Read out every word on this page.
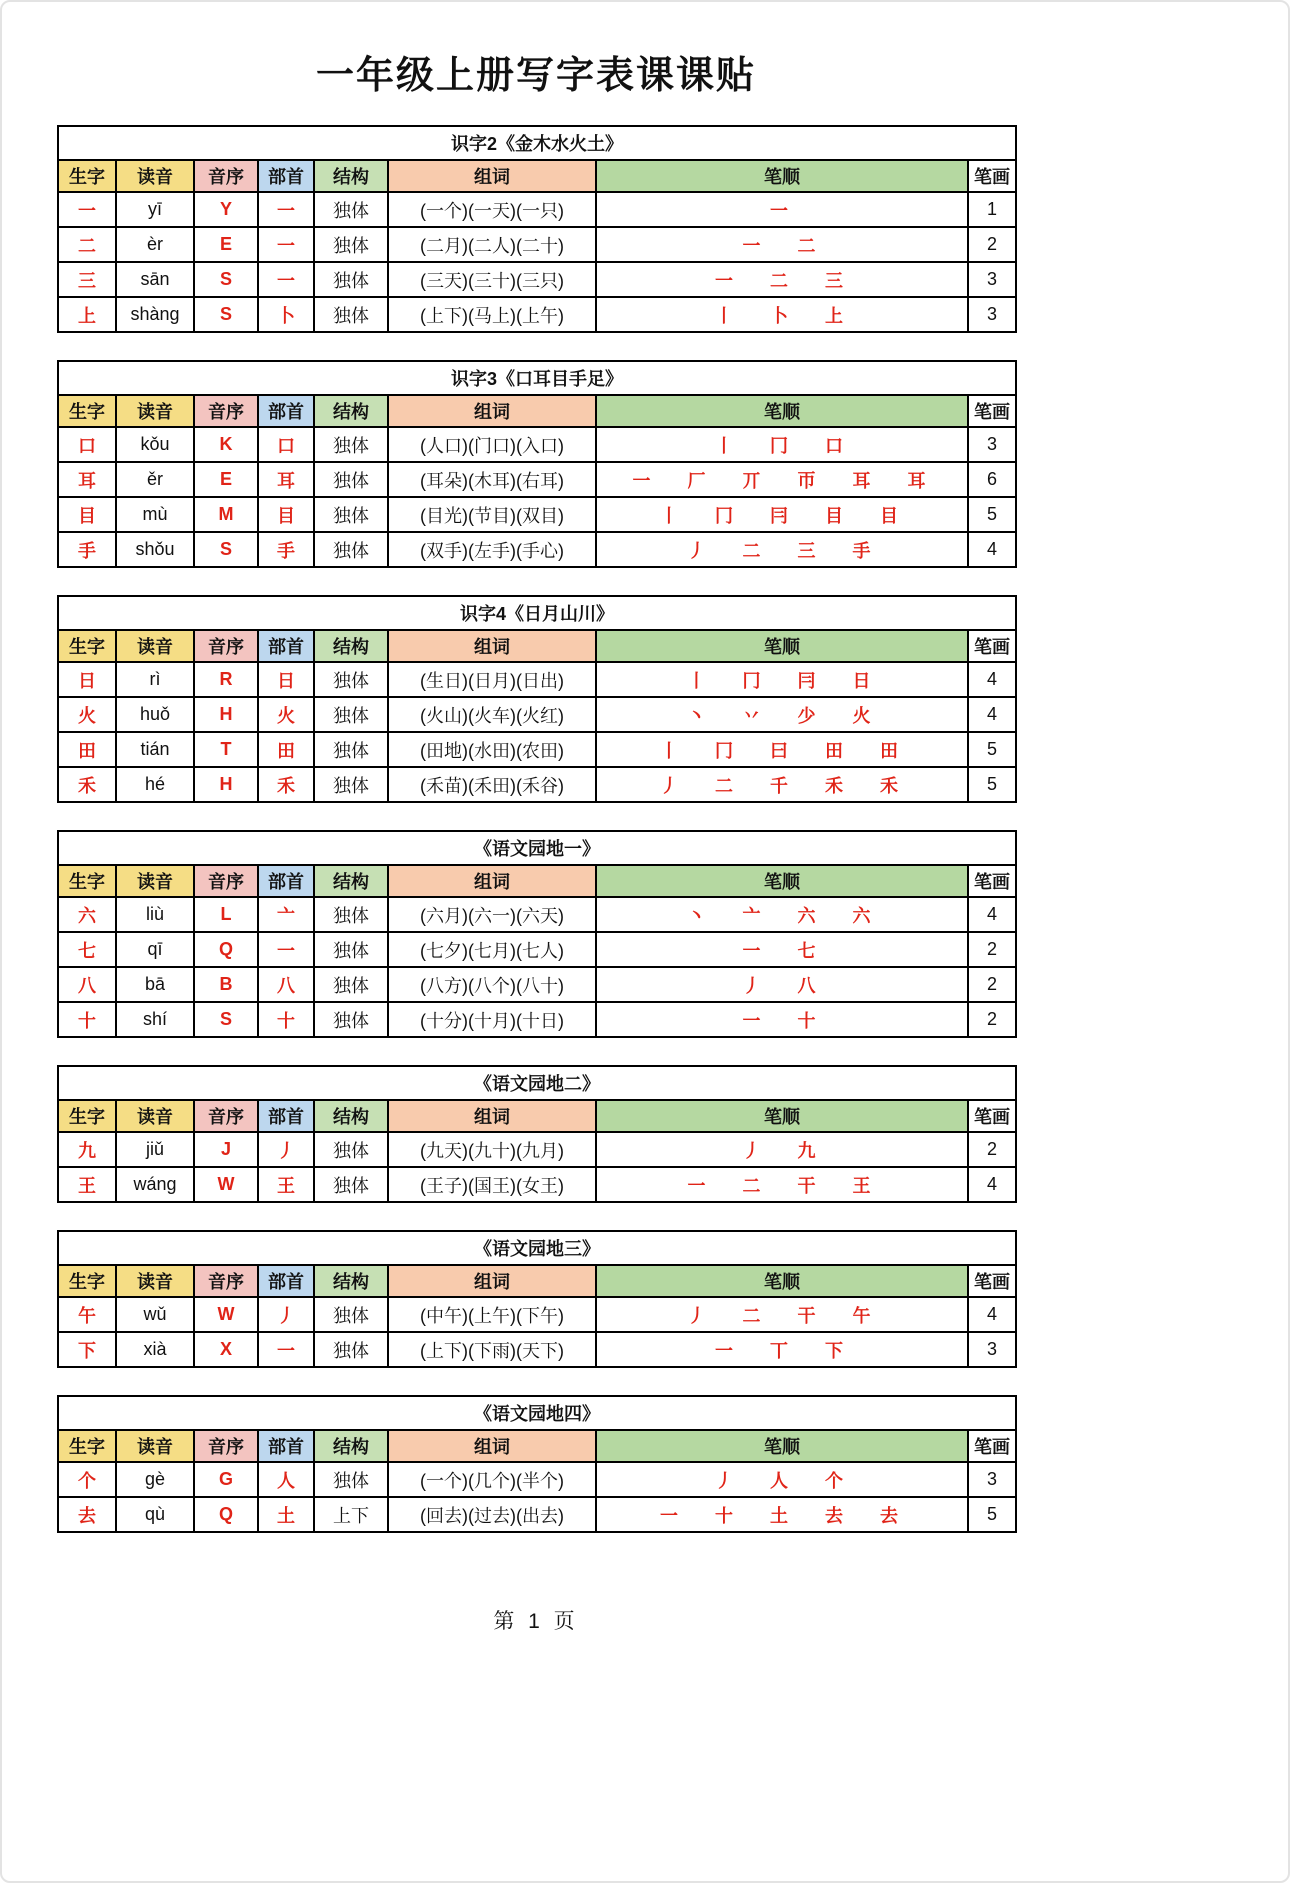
一年级上册写字表课课贴
识字2《金木水火土》							
生字	读音	音序	部首	结构	组词	笔顺	笔画
一	yī	Y	一	独体	(一个)(一天)(一只)	一	1
二	èr	E	一	独体	(二月)(二人)(二十)	一 二	2
三	sān	S	一	独体	(三天)(三十)(三只)	一 二 三	3
上	shàng	S	卜	独体	(上下)(马上)(上午)	丨 卜 上	3
识字3《口耳目手足》							
生字	读音	音序	部首	结构	组词	笔顺	笔画
口	kǒu	K	口	独体	(人口)(门口)(入口)	丨 冂 口	3
耳	ěr	E	耳	独体	(耳朵)(木耳)(右耳)	一 厂 丌 帀 耳 耳	6
目	mù	M	目	独体	(目光)(节目)(双目)	丨 冂 冃 目 目	5
手	shǒu	S	手	独体	(双手)(左手)(手心)	丿 二 三 手	4
识字4《日月山川》							
生字	读音	音序	部首	结构	组词	笔顺	笔画
日	rì	R	日	独体	(生日)(日月)(日出)	丨 冂 冃 日	4
火	huǒ	H	火	独体	(火山)(火车)(火红)	丶 丷 少 火	4
田	tián	T	田	独体	(田地)(水田)(农田)	丨 冂 曰 田 田	5
禾	hé	H	禾	独体	(禾苗)(禾田)(禾谷)	丿 二 千 禾 禾	5
《语文园地一》							
生字	读音	音序	部首	结构	组词	笔顺	笔画
六	liù	L	亠	独体	(六月)(六一)(六天)	丶 亠 六 六	4
七	qī	Q	一	独体	(七夕)(七月)(七人)	一 七	2
八	bā	B	八	独体	(八方)(八个)(八十)	丿 八	2
十	shí	S	十	独体	(十分)(十月)(十日)	一 十	2
《语文园地二》							
生字	读音	音序	部首	结构	组词	笔顺	笔画
九	jiǔ	J	丿	独体	(九天)(九十)(九月)	丿 九	2
王	wáng	W	王	独体	(王子)(国王)(女王)	一 二 干 王	4
《语文园地三》							
生字	读音	音序	部首	结构	组词	笔顺	笔画
午	wǔ	W	丿	独体	(中午)(上午)(下午)	丿 二 干 午	4
下	xià	X	一	独体	(上下)(下雨)(天下)	一 丅 下	3
《语文园地四》							
生字	读音	音序	部首	结构	组词	笔顺	笔画
个	gè	G	人	独体	(一个)(几个)(半个)	丿 人 个	3
去	qù	Q	土	上下	(回去)(过去)(出去)	一 十 土 去 去	5
第 1 页
